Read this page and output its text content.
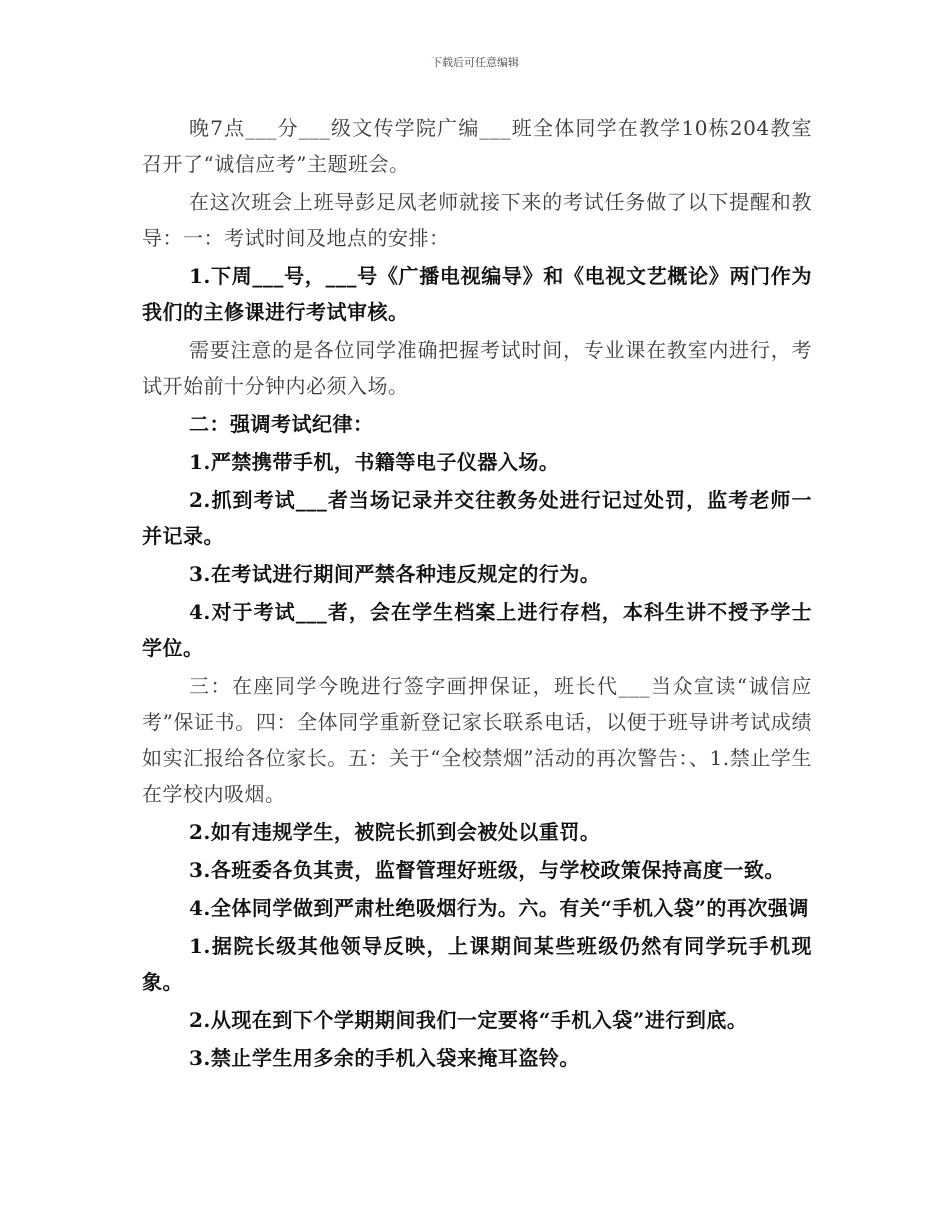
下载后可任意编辑

晚7点___分___级文传学院广编___班全体同学在教学10栋204教室召开了“诚信应考”主题班会。

在这次班会上班导彭足凤老师就接下来的考试任务做了以下提醒和教导：一：考试时间及地点的安排：

1.下周___号，___号《广播电视编导》和《电视文艺概论》两门作为我们的主修课进行考试审核。

需要注意的是各位同学准确把握考试时间，专业课在教室内进行，考试开始前十分钟内必须入场。

二：强调考试纪律：

1.严禁携带手机，书籍等电子仪器入场。

2.抓到考试___者当场记录并交往教务处进行记过处罚，监考老师一并记录。

3.在考试进行期间严禁各种违反规定的行为。

4.对于考试___者，会在学生档案上进行存档，本科生讲不授予学士学位。

三：在座同学今晚进行签字画押保证，班长代___当众宣读“诚信应考”保证书。四：全体同学重新登记家长联系电话，以便于班导讲考试成绩如实汇报给各位家长。五：关于“全校禁烟”活动的再次警告：、1.禁止学生在学校内吸烟。

2.如有违规学生，被院长抓到会被处以重罚。

3.各班委各负其责，监督管理好班级，与学校政策保持高度一致。

4.全体同学做到严肃杜绝吸烟行为。六。有关“手机入袋”的再次强调

1.据院长级其他领导反映，上课期间某些班级仍然有同学玩手机现象。

2.从现在到下个学期期间我们一定要将“手机入袋”进行到底。

3.禁止学生用多余的手机入袋来掩耳盗铃。
